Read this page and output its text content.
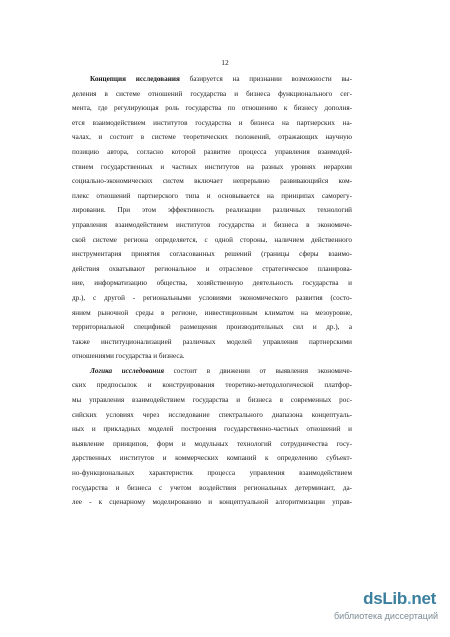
12
Концепция исследования базируется на признании возможности вы-
деления в системе отношений государства и бизнеса функционального сег-
мента, где регулирующая роль государства по отношению к бизнесу дополня-
ется взаимодействием институтов государства и бизнеса на партнерских на-
чалах, и состоит в системе теоретических положений, отражающих научную
позицию автора, согласно которой развитие процесса управления взаимодей-
ствием государственных и частных институтов на разных уровнях иерархии
социально-экономических систем включает непрерывно развивающийся ком-
плекс отношений партнерского типа и основывается на принципах саморегу-
лирования. При этом эффективность реализации различных технологий
управления взаимодействием институтов государства и бизнеса в экономиче-
ской системе региона определяется, с одной стороны, наличием действенного
инструментария принятия согласованных решений (границы сферы взаимо-
действия охватывают региональное и отраслевое стратегическое планирова-
ние, информатизацию общества, хозяйственную деятельность государства и
др.), с другой - региональными условиями экономического развития (состо-
янием рыночной среды в регионе, инвестиционным климатом на мезоуровне,
территориальной спецификой размещения производительных сил и др.), а
также институционализацией различных моделей управления партнерскими
отношениями государства и бизнеса.
Логика исследования состоит в движении от выявления экономиче-
ских предпосылок и конструирования теоретико-методологической платфор-
мы управления взаимодействием государства и бизнеса в современных рос-
сийских условиях через исследование спектрального диапазона концептуаль-
ных и прикладных моделей построения государственно-частных отношений и
выявление принципов, форм и модульных технологий сотрудничества госу-
дарственных институтов и коммерческих компаний к определению субъект-
но-функциональных характеристик процесса управления взаимодействием
государства и бизнеса с учетом воздействия региональных детерминант, да-
лее - к сценарному моделированию и концептуальной алгоритмизации управ-
dsLib.net
библиотека диссертаций
